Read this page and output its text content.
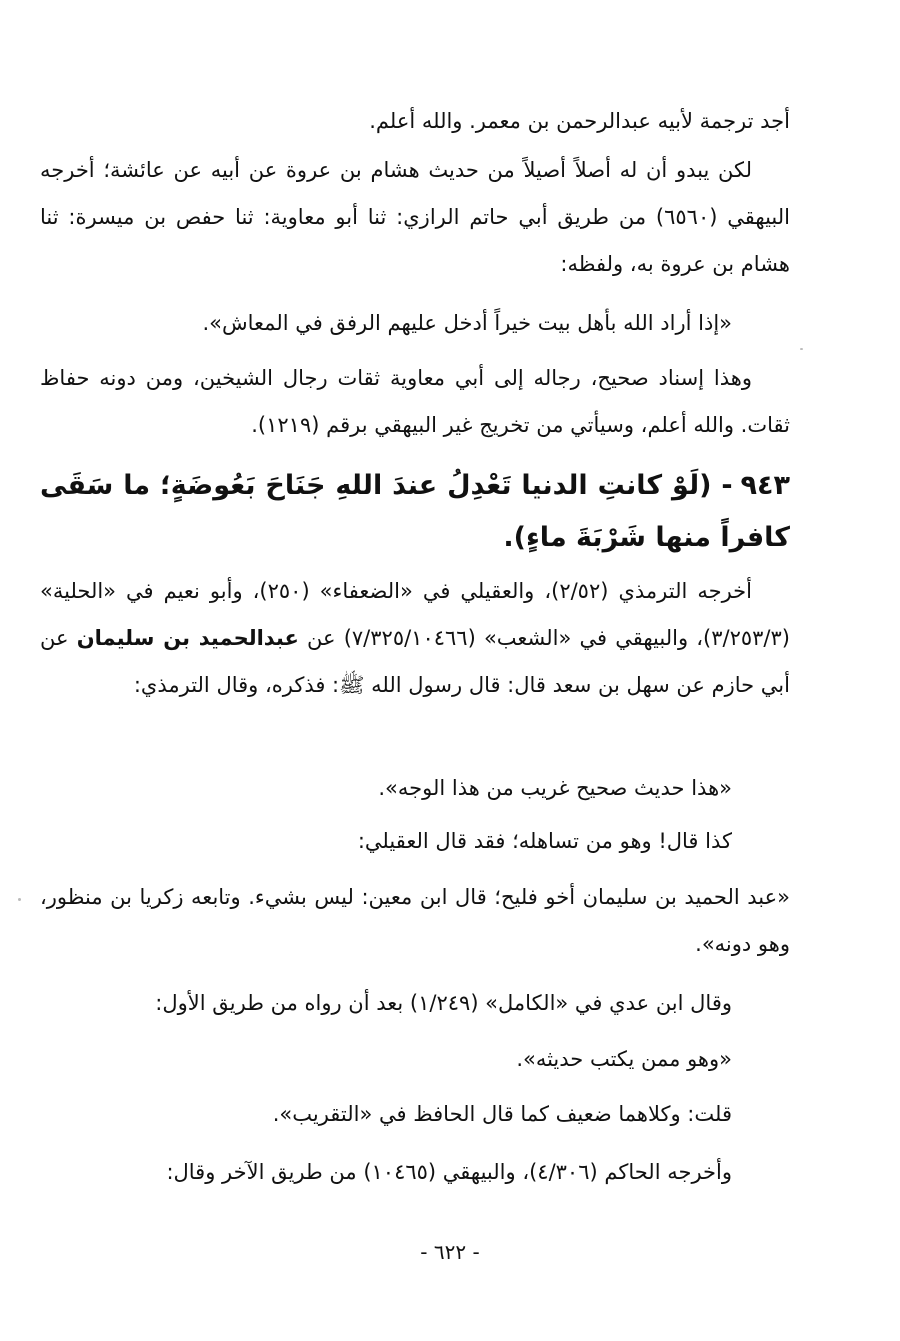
أجد ترجمة لأبيه عبدالرحمن بن معمر. والله أعلم.

لكن يبدو أن له أصلاً أصيلاً من حديث هشام بن عروة عن أبيه عن عائشة؛ أخرجه البيهقي (٦٥٦٠) من طريق أبي حاتم الرازي: ثنا أبو معاوية: ثنا حفص بن ميسرة: ثنا هشام بن عروة به، ولفظه:

«إذا أراد الله بأهل بيت خيراً أدخل عليهم الرفق في المعاش».

وهذا إسناد صحيح، رجاله إلى أبي معاوية ثقات رجال الشيخين، ومن دونه حفاظ ثقات. والله أعلم، وسيأتي من تخريج غير البيهقي برقم (١٢١٩).

٩٤٣- (لَوْ كانتِ الدنيا تَعْدِلُ عندَ اللهِ جَنَاحَ بَعُوضَةٍ؛ ما سَقَى كافراً منها شَرْبَةَ ماءٍ).

أخرجه الترمذي (٢/٥٢)، والعقيلي في «الضعفاء» (٢٥٠)، وأبو نعيم في «الحلية» (٣/٢٥٣/٣)، والبيهقي في «الشعب» (٧/٣٢٥/١٠٤٦٦) عن عبدالحميد بن سليمان عن أبي حازم عن سهل بن سعد قال: قال رسول الله ﷺ: فذكره، وقال الترمذي:

«هذا حديث صحيح غريب من هذا الوجه».

كذا قال! وهو من تساهله؛ فقد قال العقيلي:

«عبد الحميد بن سليمان أخو فليح؛ قال ابن معين: ليس بشيء. وتابعه زكريا بن منظور، وهو دونه».

وقال ابن عدي في «الكامل» (١/٢٤٩) بعد أن رواه من طريق الأول:

«وهو ممن يكتب حديثه».

قلت: وكلاهما ضعيف كما قال الحافظ في «التقريب».

وأخرجه الحاكم (٤/٣٠٦)، والبيهقي (١٠٤٦٥) من طريق الآخر وقال:

- ٦٢٢ -
